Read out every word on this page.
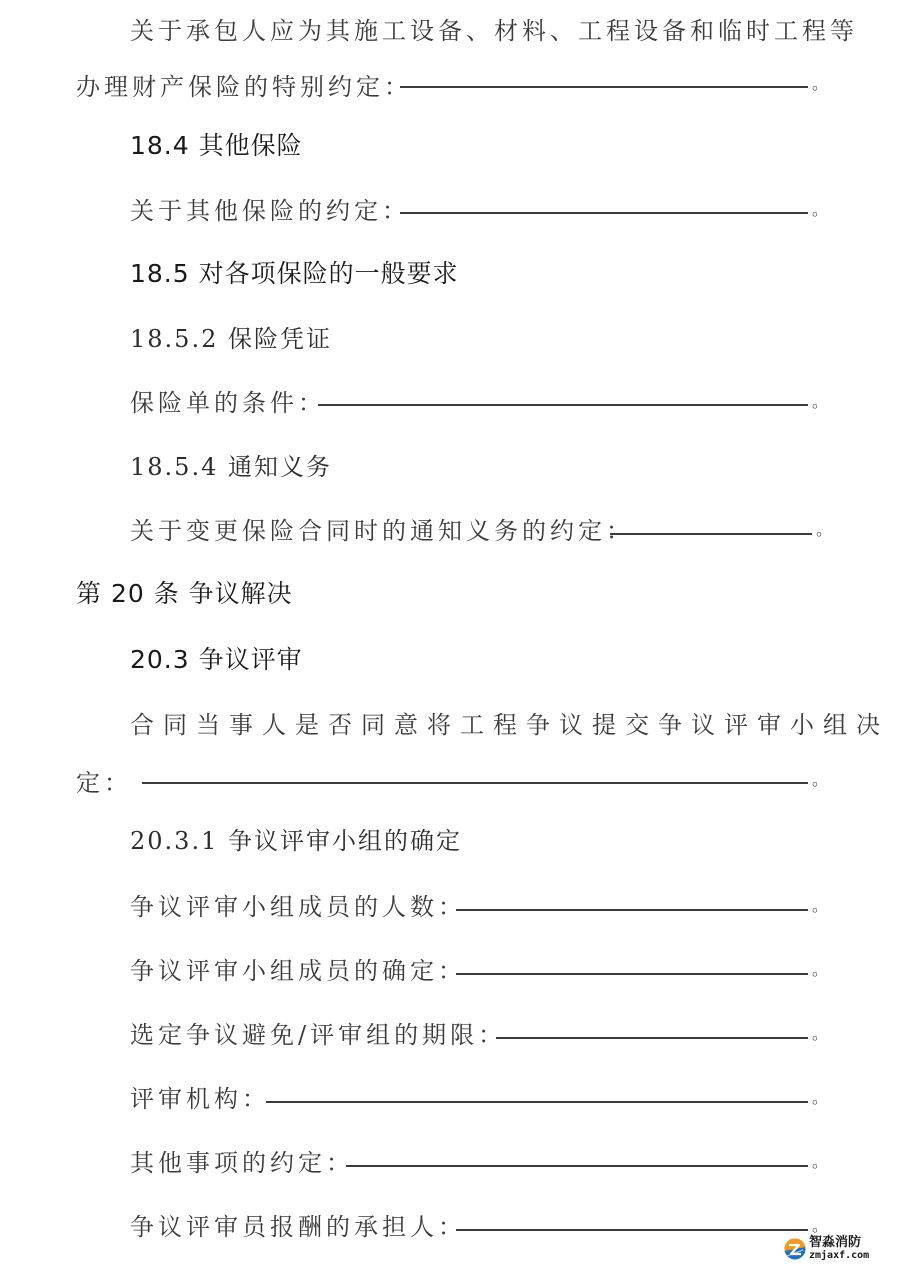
关于承包人应为其施工设备、材料、工程设备和临时工程等
办理财产保险的特别约定：	。
18.4 其他保险
关于其他保险的约定：	。
18.5 对各项保险的一般要求
18.5.2 保险凭证
保险单的条件：	。
18.5.4 通知义务
关于变更保险合同时的通知义务的约定：	。
第 20 条 争议解决
20.3 争议评审
合同当事人是否同意将工程争议提交争议评审小组决
定：	。
20.3.1 争议评审小组的确定
争议评审小组成员的人数：	。
争议评审小组成员的确定：	。
选定争议避免/评审组的期限：	。
评审机构：	。
其他事项的约定：	。
争议评审员报酬的承担人：	。
智淼消防
zmjaxf.com
